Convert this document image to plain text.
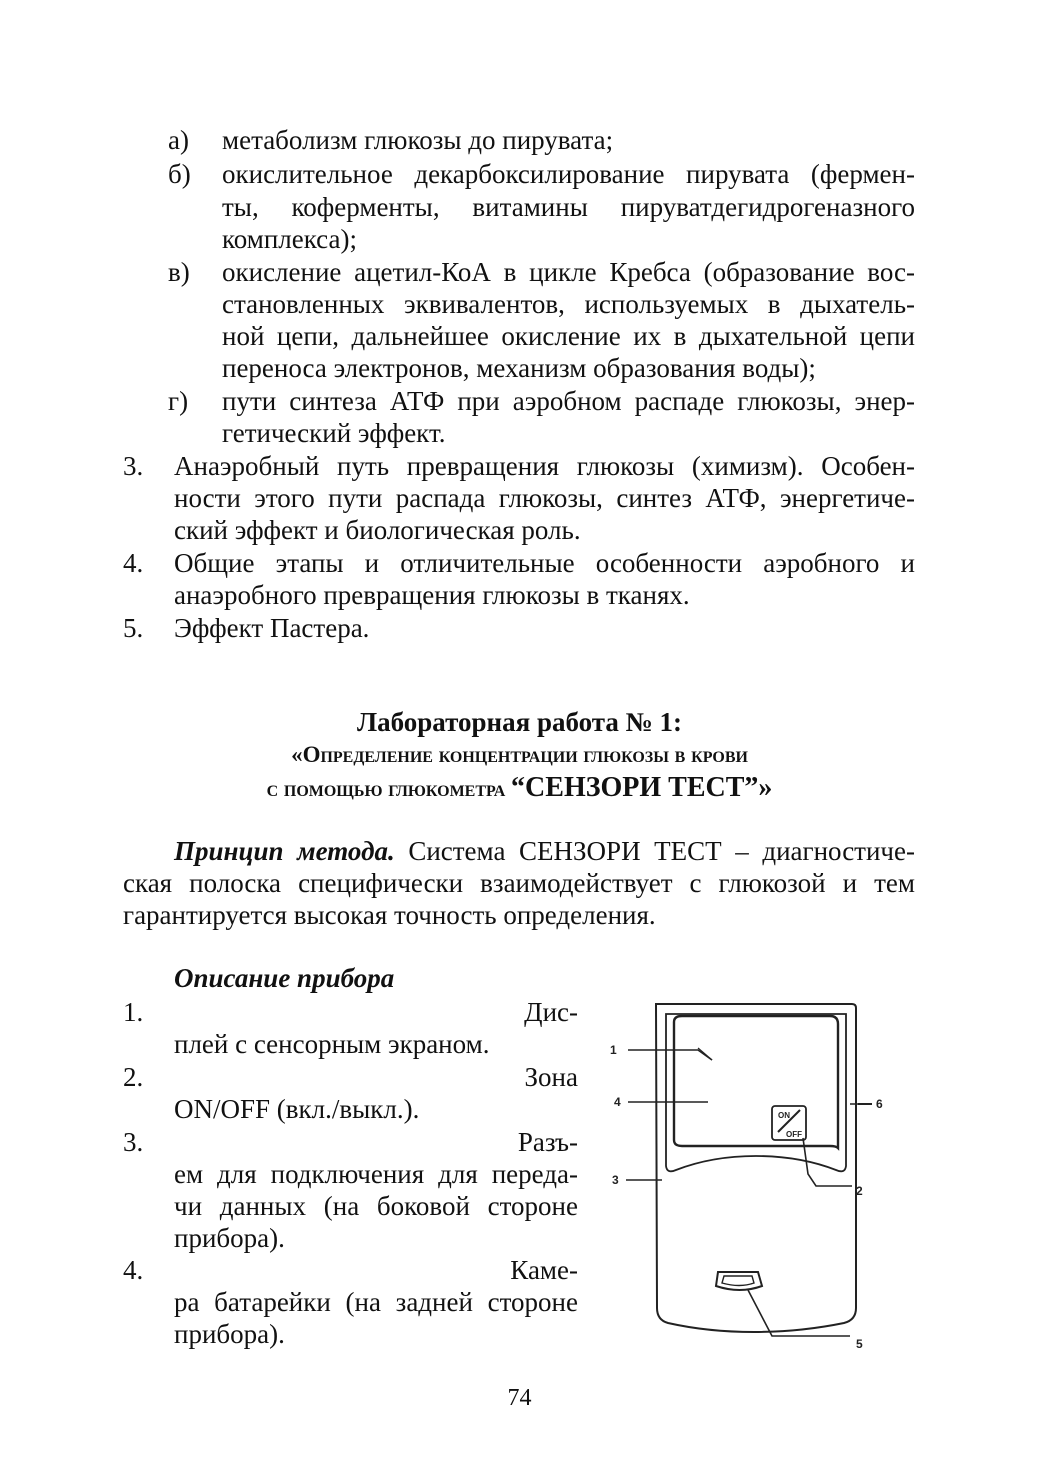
а) метаболизм глюкозы до пирувата;
б) окислительное декарбоксилирование пирувата (фермен-
ты, коферменты, витамины пируватдегидрогеназного
комплекса);
в) окисление ацетил-КоА в цикле Кребса (образование вос-
становленных эквивалентов, используемых в дыхатель-
ной цепи, дальнейшее окисление их в дыхательной цепи
переноса электронов, механизм образования воды);
г) пути синтеза АТФ при аэробном распаде глюкозы, энер-
гетический эффект.
3. Анаэробный путь превращения глюкозы (химизм). Особен-
ности этого пути распада глюкозы, синтез АТФ, энергетиче-
ский эффект и биологическая роль.
4. Общие этапы и отличительные особенности аэробного и
анаэробного превращения глюкозы в тканях.
5. Эффект Пастера.
Лабораторная работа № 1:
«Определение концентрации глюкозы в крови
с помощью глюкометра “СЕНЗОРИ ТЕСТ”»
Принцип метода. Система СЕНЗОРИ ТЕСТ – диагностиче-
ская полоска специфически взаимодействует с глюкозой и тем
гарантируется высокая точность определения.
Описание прибора
1.	Дис-
плей с сенсорным экраном.
2.	Зона
ON/OFF (вкл./выкл.).
3.	Разъ-
ем для подключения для переда-
чи данных (на боковой стороне
прибора).
4.	Каме-
ра батарейки (на задней стороне
прибора).
1
4	6
3
2
5
ON
OFF
74
